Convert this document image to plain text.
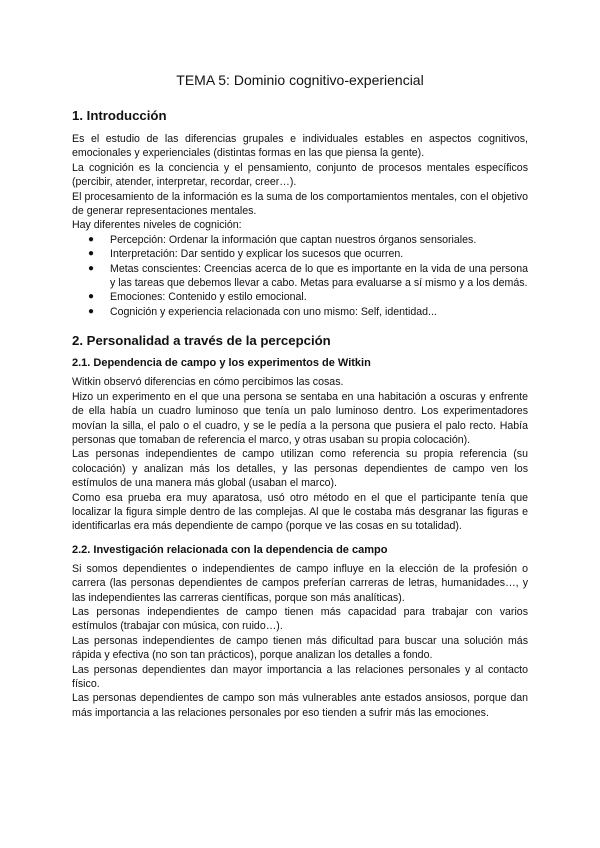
TEMA 5: Dominio cognitivo-experiencial
1. Introducción

Es el estudio de las diferencias grupales e individuales estables en aspectos cognitivos, emocionales y experienciales (distintas formas en las que piensa la gente).

La cognición es la conciencia y el pensamiento, conjunto de procesos mentales específicos (percibir, atender, interpretar, recordar, creer…).

El procesamiento de la información es la suma de los comportamientos mentales, con el objetivo de generar representaciones mentales.

Hay diferentes niveles de cognición:

● Percepción: Ordenar la información que captan nuestros órganos sensoriales.
● Interpretación: Dar sentido y explicar los sucesos que ocurren.
● Metas conscientes: Creencias acerca de lo que es importante en la vida de una persona y las tareas que debemos llevar a cabo. Metas para evaluarse a sí mismo y a los demás.
● Emociones: Contenido y estilo emocional.
● Cognición y experiencia relacionada con uno mismo: Self, identidad...
2. Personalidad a través de la percepción
2.1. Dependencia de campo y los experimentos de Witkin

Witkin observó diferencias en cómo percibimos las cosas.

Hizo un experimento en el que una persona se sentaba en una habitación a oscuras y enfrente de ella había un cuadro luminoso que tenía un palo luminoso dentro. Los experimentadores movían la silla, el palo o el cuadro, y se le pedía a la persona que pusiera el palo recto. Había personas que tomaban de referencia el marco, y otras usaban su propia colocación).

Las personas independientes de campo utilizan como referencia su propia referencia (su colocación) y analizan más los detalles, y las personas dependientes de campo ven los estímulos de una manera más global (usaban el marco).

Como esa prueba era muy aparatosa, usó otro método en el que el participante tenía que localizar la figura simple dentro de las complejas. Al que le costaba más desgranar las figuras e identificarlas era más dependiente de campo (porque ve las cosas en su totalidad).

2.2. Investigación relacionada con la dependencia de campo

Si somos dependientes o independientes de campo influye en la elección de la profesión o carrera (las personas dependientes de campos preferían carreras de letras, humanidades…, y las independientes las carreras científicas, porque son más analíticas).

Las personas independientes de campo tienen más capacidad para trabajar con varios estímulos (trabajar con música, con ruido…).

Las personas independientes de campo tienen más dificultad para buscar una solución más rápida y efectiva (no son tan prácticos), porque analizan los detalles a fondo.

Las personas dependientes dan mayor importancia a las relaciones personales y al contacto físico.

Las personas dependientes de campo son más vulnerables ante estados ansiosos, porque dan más importancia a las relaciones personales por eso tienden a sufrir más las emociones.
